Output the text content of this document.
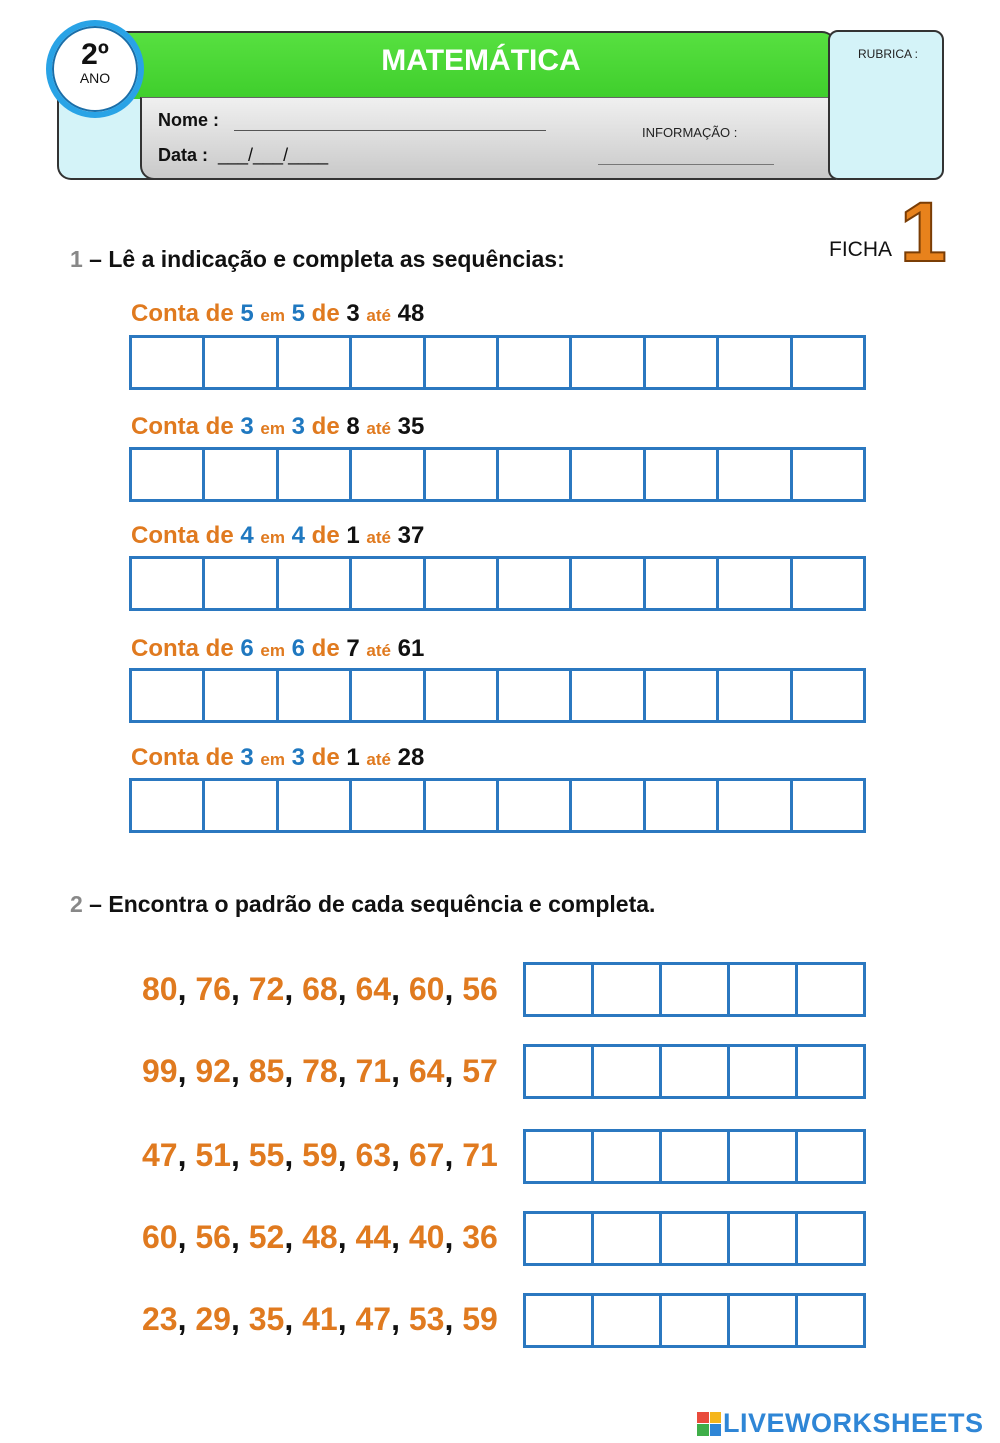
2º
ANO
MATEMÁTICA
Nome :
Data : ___/___/____
INFORMAÇÃO :
RUBRICA :
FICHA 1
1 – Lê a indicação e completa as sequências:
Conta de 5 em 5 de 3 até 48
Conta de 3 em 3 de 8 até 35
Conta de 4 em 4 de 1 até 37
Conta de 6 em 6 de 7 até 61
Conta de 3 em 3 de 1 até 28
2 – Encontra o padrão de cada sequência e completa.
80, 76, 72, 68, 64, 60, 56
99, 92, 85, 78, 71, 64, 57
47, 51, 55, 59, 63, 67, 71
60, 56, 52, 48, 44, 40, 36
23, 29, 35, 41, 47, 53, 59
LIVEWORKSHEETS
